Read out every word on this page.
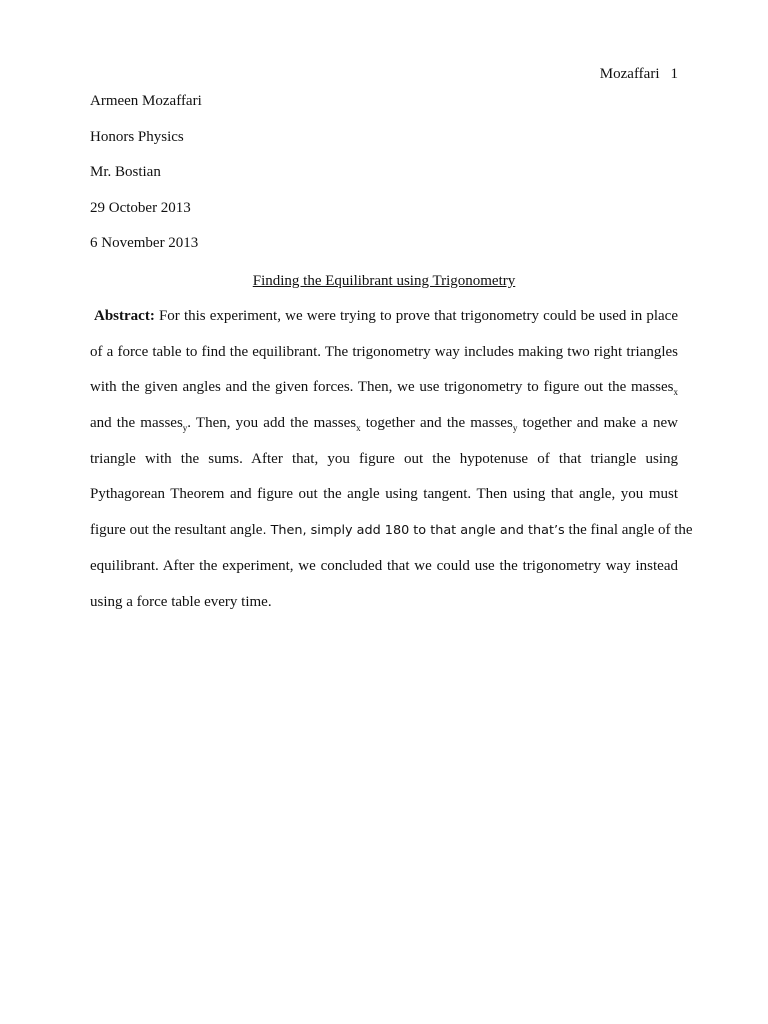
Mozaffari 1
Armeen Mozaffari
Honors Physics
Mr. Bostian
29 October 2013
6 November 2013
Finding the Equilibrant using Trigonometry
Abstract: For this experiment, we were trying to prove that trigonometry could be used in place
of a force table to find the equilibrant. The trigonometry way includes making two right triangles
with the given angles and the given forces. Then, we use trigonometry to figure out the masses$_x$
and the masses$_y$. Then, you add the masses$_x$ together and the masses$_y$ together and make a new
triangle with the sums. After that, you figure out the hypotenuse of that triangle using
Pythagorean Theorem and figure out the angle using tangent. Then using that angle, you must
figure out the resultant angle. Then, simply add 180 to that angle and that’s the final angle of the
equilibrant. After the experiment, we concluded that we could use the trigonometry way instead
using a force table every time.
